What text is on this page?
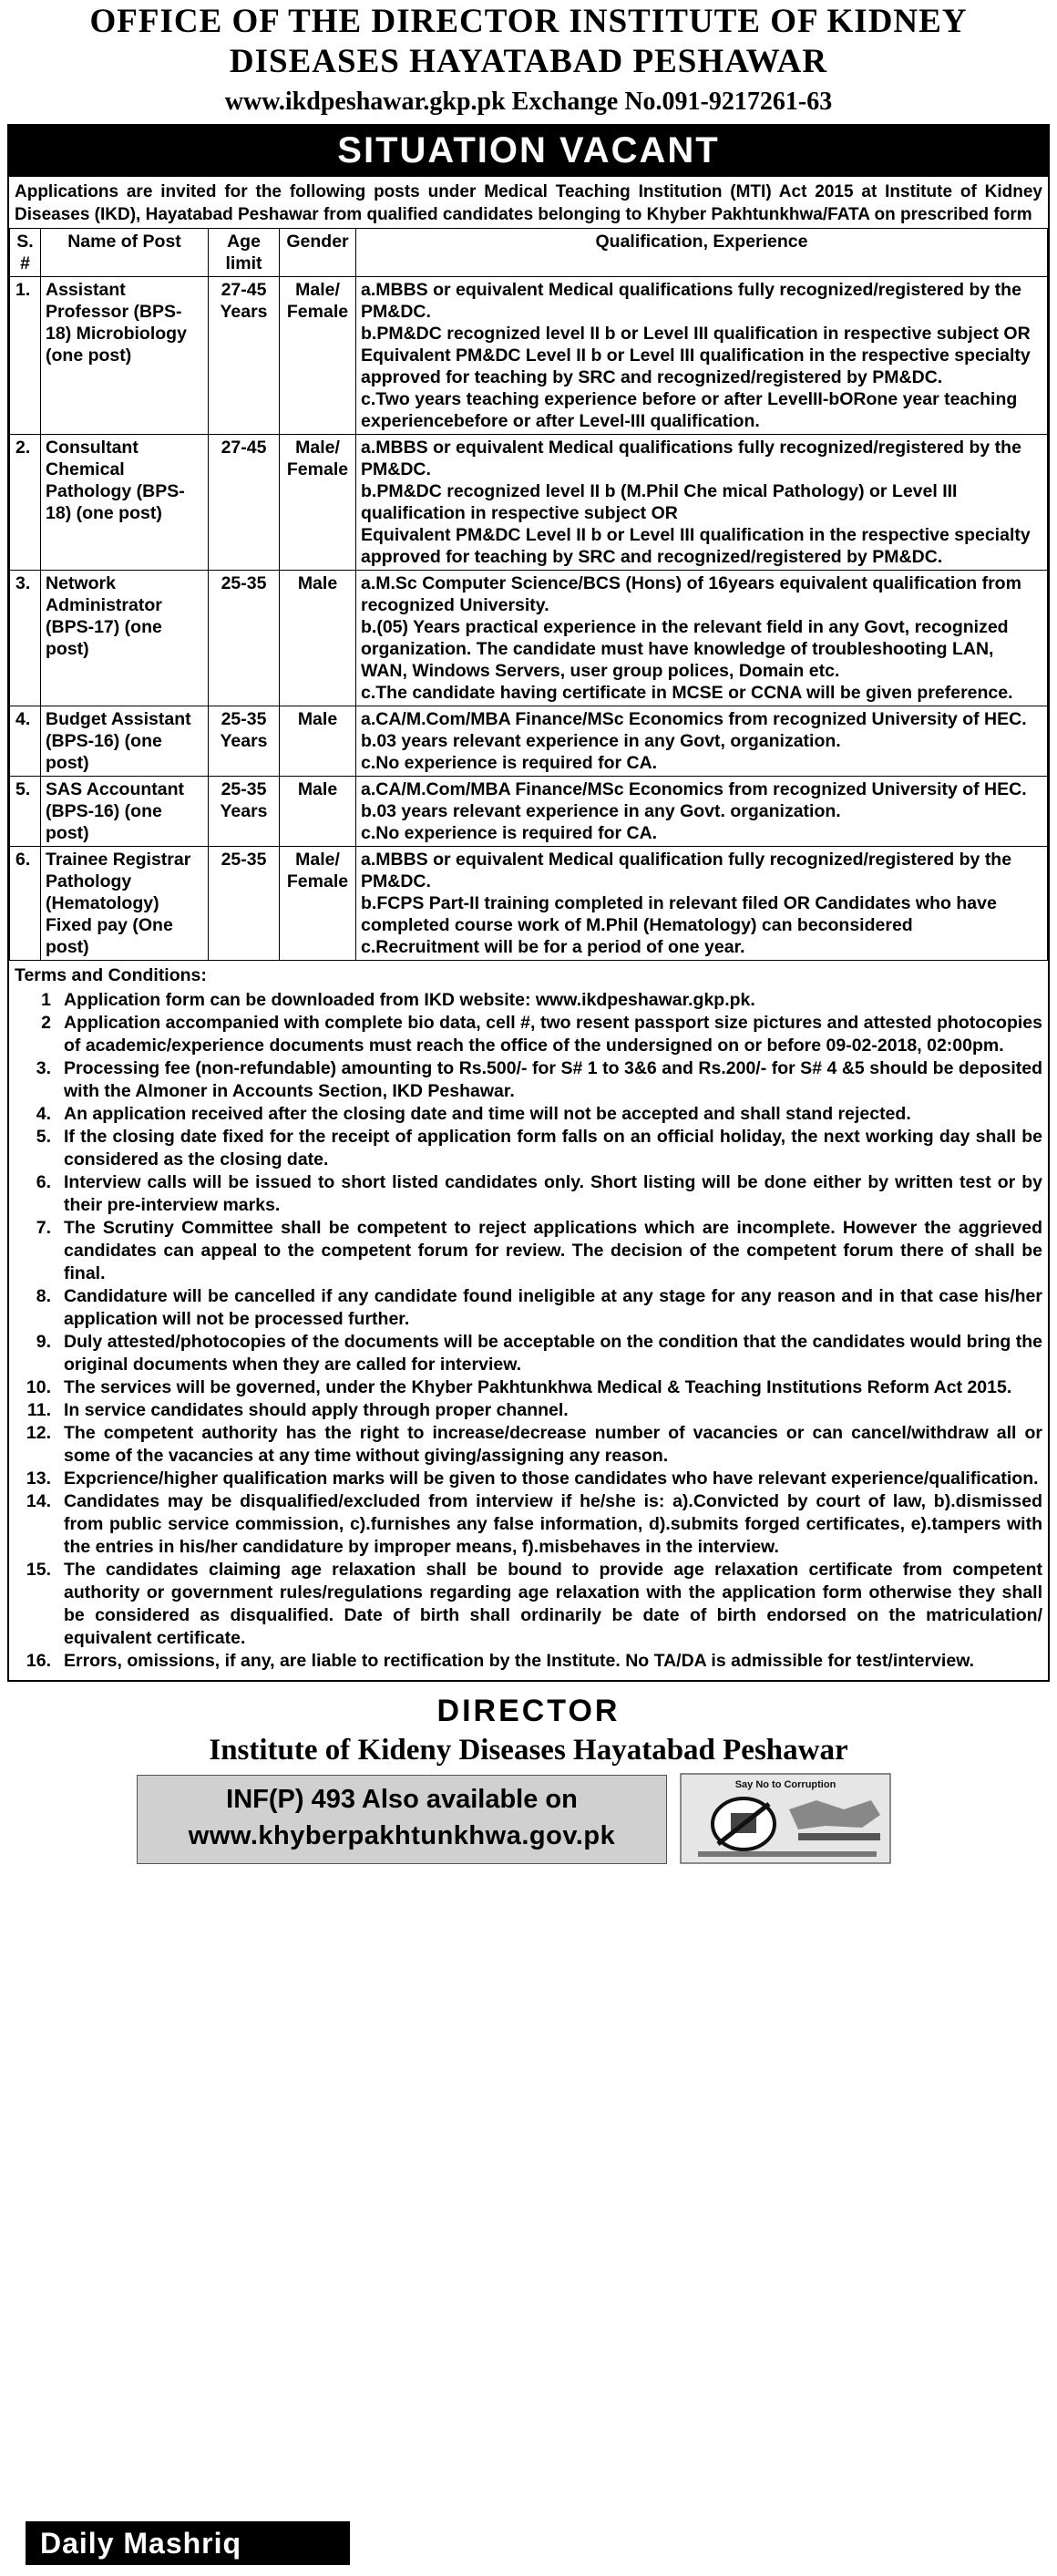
OFFICE OF THE DIRECTOR INSTITUTE OF KIDNEY
DISEASES HAYATABAD PESHAWAR
www.ikdpeshawar.gkp.pk Exchange No.091-9217261-63
SITUATION VACANT
Applications are invited for the following posts under Medical Teaching Institution (MTI) Act 2015 at Institute of Kidney Diseases (IKD), Hayatabad Peshawar from qualified candidates belonging to Khyber Pakhtunkhwa/FATA on prescribed form
S. #	Name of Post	Age limit	Gender	Qualification, Experience
1.	Assistant Professor (BPS-18) Microbiology (one post)	27-45 Years	Male/ Female	a.MBBS or equivalent Medical qualifications fully recognized/registered by the PM&DC.
b.PM&DC recognized level II b or Level III qualification in respective subject OR
Equivalent PM&DC Level II b or Level III qualification in the respective specialty approved for teaching by SRC and recognized/registered by PM&DC.
c.Two years teaching experience before or after LevelII-bORone year teaching experiencebefore or after Level-III qualification.

2.	Consultant Chemical Pathology (BPS-18) (one post)	27-45	Male/ Female	a.MBBS or equivalent Medical qualifications fully recognized/registered by the PM&DC.
b.PM&DC recognized level II b (M.Phil Che mical Pathology) or Level III qualification in respective subject OR
Equivalent PM&DC Level II b or Level III qualification in the respective specialty approved for teaching by SRC and recognized/registered by PM&DC.

3.	Network Administrator (BPS-17) (one post)	25-35	Male	a.M.Sc Computer Science/BCS (Hons) of 16years equivalent qualification from recognized University.
b.(05) Years practical experience in the relevant field in any Govt, recognized organization. The candidate must have knowledge of troubleshooting LAN, WAN, Windows Servers, user group polices, Domain etc.
c.The candidate having certificate in MCSE or CCNA will be given preference.

4.	Budget Assistant (BPS-16) (one post)	25-35 Years	Male	a.CA/M.Com/MBA Finance/MSc Economics from recognized University of HEC.
b.03 years relevant experience in any Govt, organization.
c.No experience is required for CA.

5.	SAS Accountant (BPS-16) (one post)	25-35 Years	Male	a.CA/M.Com/MBA Finance/MSc Economics from recognized University of HEC.
b.03 years relevant experience in any Govt. organization.
c.No experience is required for CA.

6.	Trainee Registrar Pathology (Hematology) Fixed pay (One post)	25-35	Male/ Female	a.MBBS or equivalent Medical qualification fully recognized/registered by the PM&DC.
b.FCPS Part-II training completed in relevant filed OR Candidates who have completed course work of M.Phil (Hematology) can beconsidered
c.Recruitment will be for a period of one year.
Terms and Conditions:
1 Application form can be downloaded from IKD website: www.ikdpeshawar.gkp.pk.
2 Application accompanied with complete bio data, cell #, two resent passport size pictures and attested photocopies of academic/experience documents must reach the office of the undersigned on or before 09-02-2018, 02:00pm.
3. Processing fee (non-refundable) amounting to Rs.500/- for S# 1 to 3&6 and Rs.200/- for S# 4 &5 should be deposited with the Almoner in Accounts Section, IKD Peshawar.
4. An application received after the closing date and time will not be accepted and shall stand rejected.
5. If the closing date fixed for the receipt of application form falls on an official holiday, the next working day shall be considered as the closing date.
6. Interview calls will be issued to short listed candidates only. Short listing will be done either by written test or by their pre-interview marks.
7. The Scrutiny Committee shall be competent to reject applications which are incomplete. However the aggrieved candidates can appeal to the competent forum for review. The decision of the competent forum there of shall be final.
8. Candidature will be cancelled if any candidate found ineligible at any stage for any reason and in that case his/her application will not be processed further.
9. Duly attested/photocopies of the documents will be acceptable on the condition that the candidates would bring the original documents when they are called for interview.
10. The services will be governed, under the Khyber Pakhtunkhwa Medical & Teaching Institutions Reform Act 2015.
11. In service candidates should apply through proper channel.
12. The competent authority has the right to increase/decrease number of vacancies or can cancel/withdraw all or some of the vacancies at any time without giving/assigning any reason.
13. Expcrience/higher qualification marks will be given to those candidates who have relevant experience/qualification.
14. Candidates may be disqualified/excluded from interview if he/she is: a).Convicted by court of law, b).dismissed from public service commission, c).furnishes any false information, d).submits forged certificates, e).tampers with the entries in his/her candidature by improper means, f).misbehaves in the interview.
15. The candidates claiming age relaxation shall be bound to provide age relaxation certificate from competent authority or government rules/regulations regarding age relaxation with the application form otherwise they shall be considered as disqualified. Date of birth shall ordinarily be date of birth endorsed on the matriculation/ equivalent certificate.
16. Errors, omissions, if any, are liable to rectification by the Institute. No TA/DA is admissible for test/interview.
DIRECTOR
Institute of Kideny Diseases Hayatabad Peshawar
INF(P) 493 Also available on
www.khyberpakhtunkhwa.gov.pk
Say No to Corruption
Daily Mashriq
